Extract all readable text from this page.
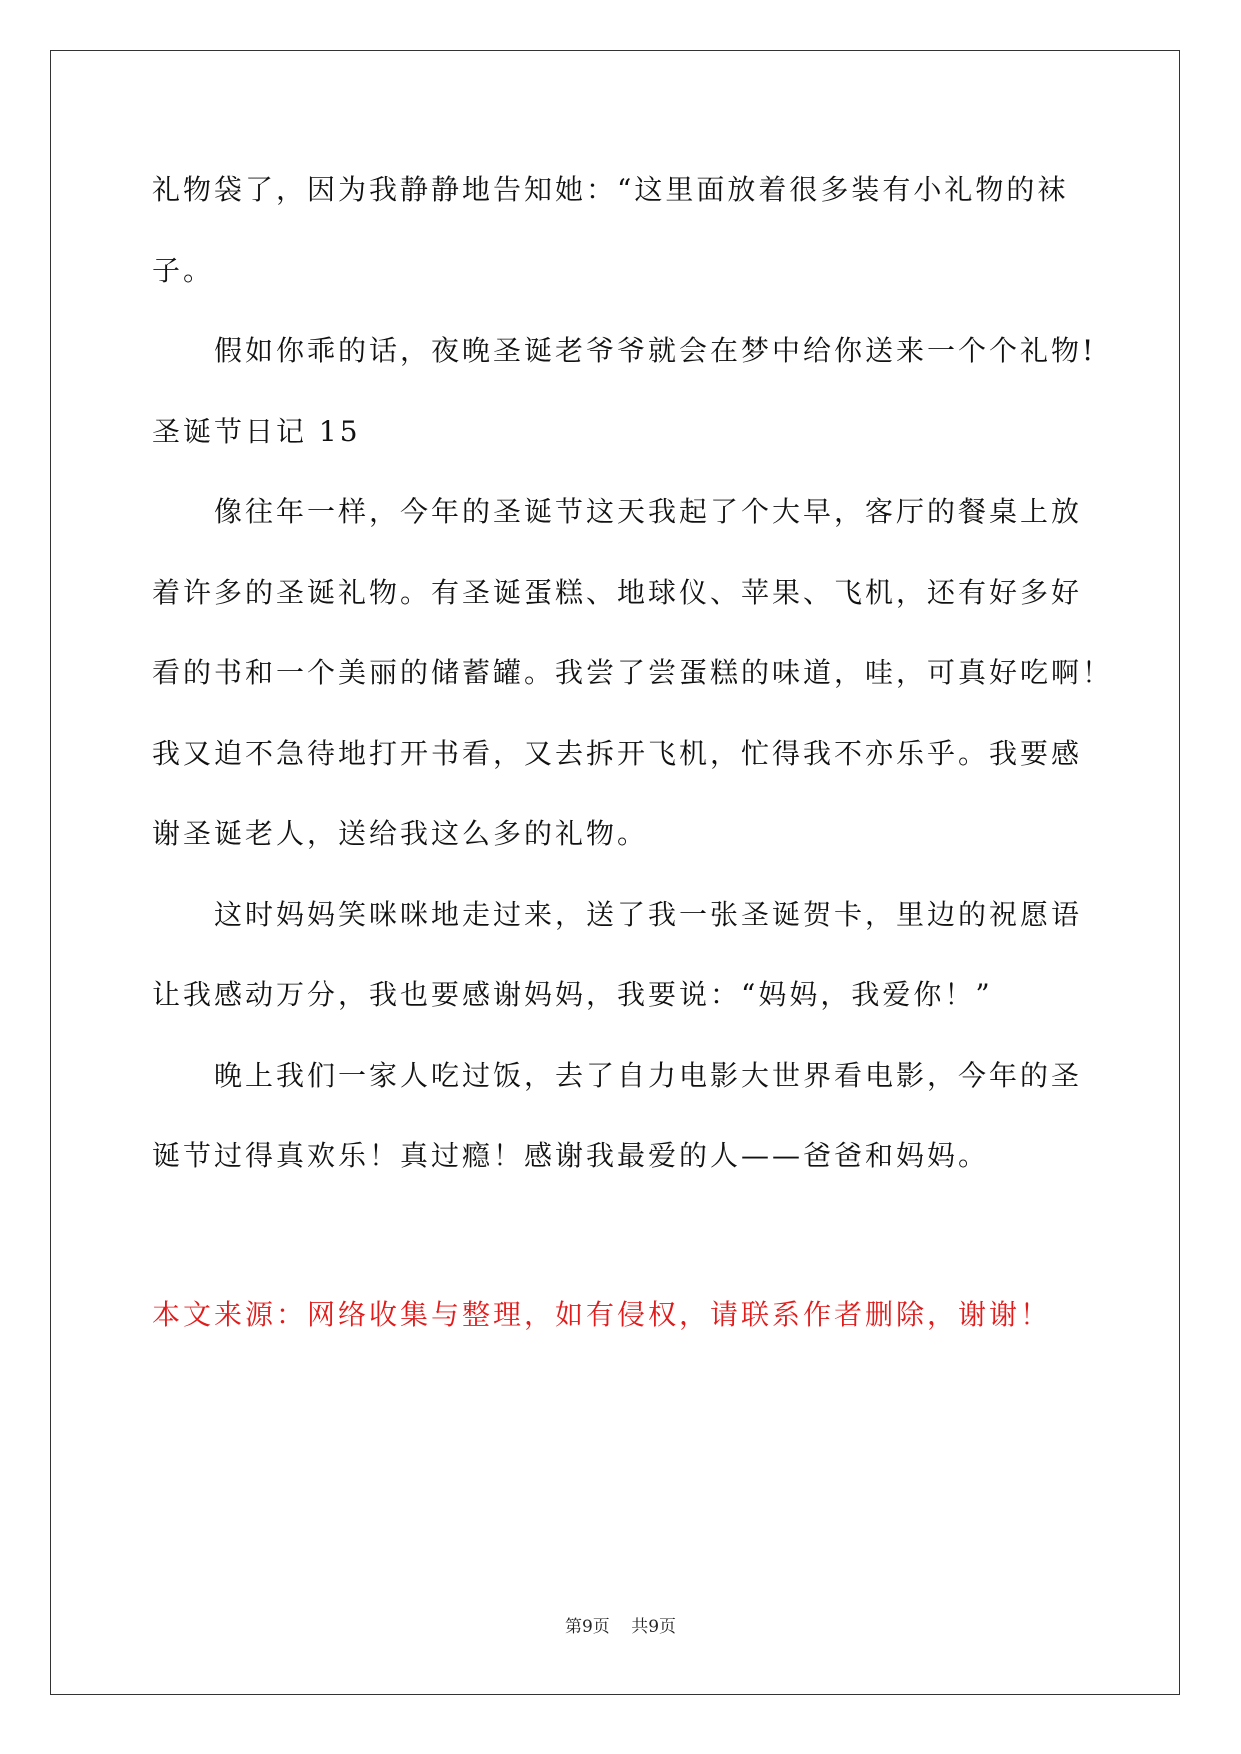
礼物袋了，因为我静静地告知她：“这里面放着很多装有小礼物的袜
子。
假如你乖的话，夜晚圣诞老爷爷就会在梦中给你送来一个个礼物!
圣诞节日记 15
像往年一样，今年的圣诞节这天我起了个大早，客厅的餐桌上放
着许多的圣诞礼物。有圣诞蛋糕、地球仪、苹果、飞机，还有好多好
看的书和一个美丽的储蓄罐。我尝了尝蛋糕的味道，哇，可真好吃啊！
我又迫不急待地打开书看，又去拆开飞机，忙得我不亦乐乎。我要感
谢圣诞老人，送给我这么多的礼物。
这时妈妈笑咪咪地走过来，送了我一张圣诞贺卡，里边的祝愿语
让我感动万分，我也要感谢妈妈，我要说：“妈妈，我爱你！”
晚上我们一家人吃过饭，去了自力电影大世界看电影，今年的圣
诞节过得真欢乐！真过瘾！感谢我最爱的人——爸爸和妈妈。
本文来源：网络收集与整理，如有侵权，请联系作者删除，谢谢！
第9页 共9页
